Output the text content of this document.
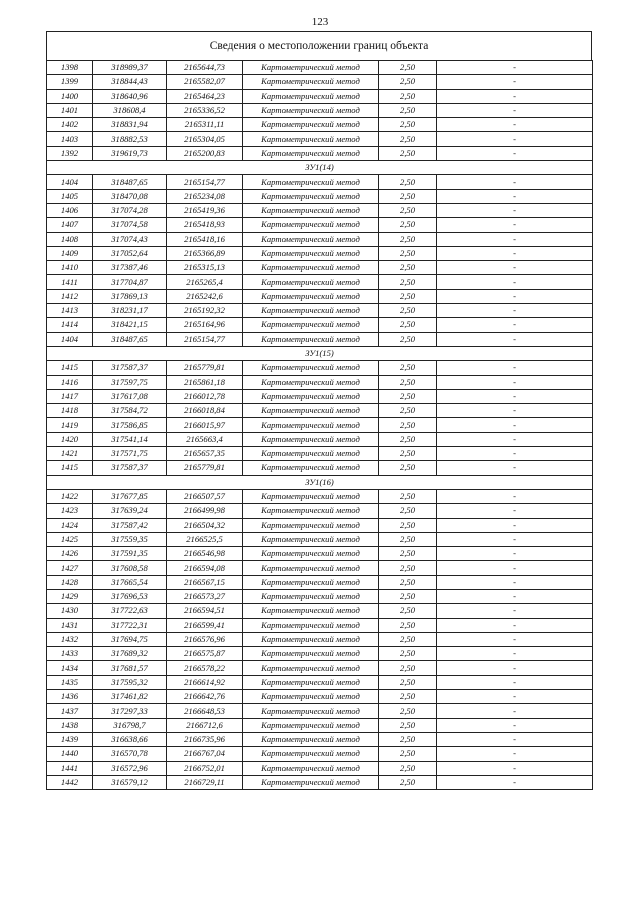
123
Сведения о местоположении границ объекта
1398	318989,37	2165644,73	Картометрический метод	2,50	-
1399	318844,43	2165582,07	Картометрический метод	2,50	-
1400	318640,96	2165464,23	Картометрический метод	2,50	-
1401	318608,4	2165336,52	Картометрический метод	2,50	-
1402	318831,94	2165311,11	Картометрический метод	2,50	-
1403	318882,53	2165304,05	Картометрический метод	2,50	-
1392	319619,73	2165200,83	Картометрический метод	2,50	-
ЗУ1(14)					
1404	318487,65	2165154,77	Картометрический метод	2,50	-
1405	318470,08	2165234,08	Картометрический метод	2,50	-
1406	317074,28	2165419,36	Картометрический метод	2,50	-
1407	317074,58	2165418,93	Картометрический метод	2,50	-
1408	317074,43	2165418,16	Картометрический метод	2,50	-
1409	317052,64	2165366,89	Картометрический метод	2,50	-
1410	317387,46	2165315,13	Картометрический метод	2,50	-
1411	317704,87	2165265,4	Картометрический метод	2,50	-
1412	317869,13	2165242,6	Картометрический метод	2,50	-
1413	318231,17	2165192,32	Картометрический метод	2,50	-
1414	318421,15	2165164,96	Картометрический метод	2,50	-
1404	318487,65	2165154,77	Картометрический метод	2,50	-
ЗУ1(15)					
1415	317587,37	2165779,81	Картометрический метод	2,50	-
1416	317597,75	2165861,18	Картометрический метод	2,50	-
1417	317617,08	2166012,78	Картометрический метод	2,50	-
1418	317584,72	2166018,84	Картометрический метод	2,50	-
1419	317586,85	2166015,97	Картометрический метод	2,50	-
1420	317541,14	2165663,4	Картометрический метод	2,50	-
1421	317571,75	2165657,35	Картометрический метод	2,50	-
1415	317587,37	2165779,81	Картометрический метод	2,50	-
ЗУ1(16)					
1422	317677,85	2166507,57	Картометрический метод	2,50	-
1423	317639,24	2166499,98	Картометрический метод	2,50	-
1424	317587,42	2166504,32	Картометрический метод	2,50	-
1425	317559,35	2166525,5	Картометрический метод	2,50	-
1426	317591,35	2166546,98	Картометрический метод	2,50	-
1427	317608,58	2166594,08	Картометрический метод	2,50	-
1428	317665,54	2166567,15	Картометрический метод	2,50	-
1429	317696,53	2166573,27	Картометрический метод	2,50	-
1430	317722,63	2166594,51	Картометрический метод	2,50	-
1431	317722,31	2166599,41	Картометрический метод	2,50	-
1432	317694,75	2166576,96	Картометрический метод	2,50	-
1433	317689,32	2166575,87	Картометрический метод	2,50	-
1434	317681,57	2166578,22	Картометрический метод	2,50	-
1435	317595,32	2166614,92	Картометрический метод	2,50	-
1436	317461,82	2166642,76	Картометрический метод	2,50	-
1437	317297,33	2166648,53	Картометрический метод	2,50	-
1438	316798,7	2166712,6	Картометрический метод	2,50	-
1439	316638,66	2166735,96	Картометрический метод	2,50	-
1440	316570,78	2166767,04	Картометрический метод	2,50	-
1441	316572,96	2166752,01	Картометрический метод	2,50	-
1442	316579,12	2166729,11	Картометрический метод	2,50	-
